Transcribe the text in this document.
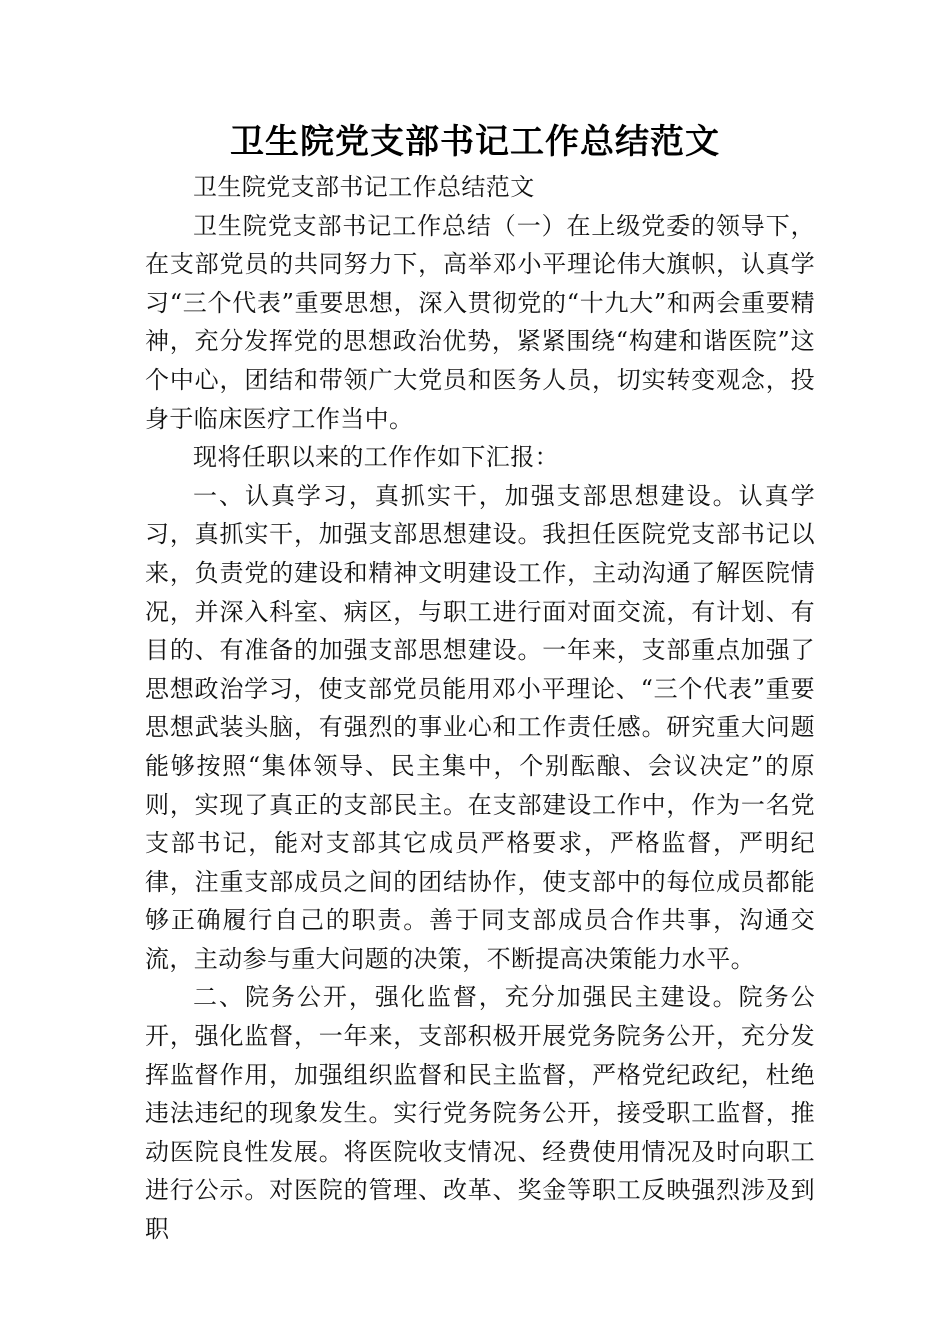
卫生院党支部书记工作总结范文

卫生院党支部书记工作总结范文

卫生院党支部书记工作总结（一）在上级党委的领导下，在支部党员的共同努力下，高举邓小平理论伟大旗帜，认真学习“三个代表”重要思想，深入贯彻党的“十九大”和两会重要精神，充分发挥党的思想政治优势，紧紧围绕“构建和谐医院”这个中心，团结和带领广大党员和医务人员，切实转变观念，投身于临床医疗工作当中。

现将任职以来的工作作如下汇报：

一、认真学习，真抓实干，加强支部思想建设。认真学习，真抓实干，加强支部思想建设。我担任医院党支部书记以来，负责党的建设和精神文明建设工作，主动沟通了解医院情况，并深入科室、病区，与职工进行面对面交流，有计划、有目的、有准备的加强支部思想建设。一年来，支部重点加强了思想政治学习，使支部党员能用邓小平理论、“三个代表”重要思想武装头脑，有强烈的事业心和工作责任感。研究重大问题能够按照“集体领导、民主集中，个别酝酿、会议决定”的原则，实现了真正的支部民主。在支部建设工作中，作为一名党支部书记，能对支部其它成员严格要求，严格监督，严明纪律，注重支部成员之间的团结协作，使支部中的每位成员都能够正确履行自己的职责。善于同支部成员合作共事，沟通交流，主动参与重大问题的决策，不断提高决策能力水平。

二、院务公开，强化监督，充分加强民主建设。院务公开，强化监督，一年来，支部积极开展党务院务公开，充分发挥监督作用，加强组织监督和民主监督，严格党纪政纪，杜绝违法违纪的现象发生。实行党务院务公开，接受职工监督，推动医院良性发展。将医院收支情况、经费使用情况及时向职工进行公示。对医院的管理、改革、奖金等职工反映强烈涉及到职
